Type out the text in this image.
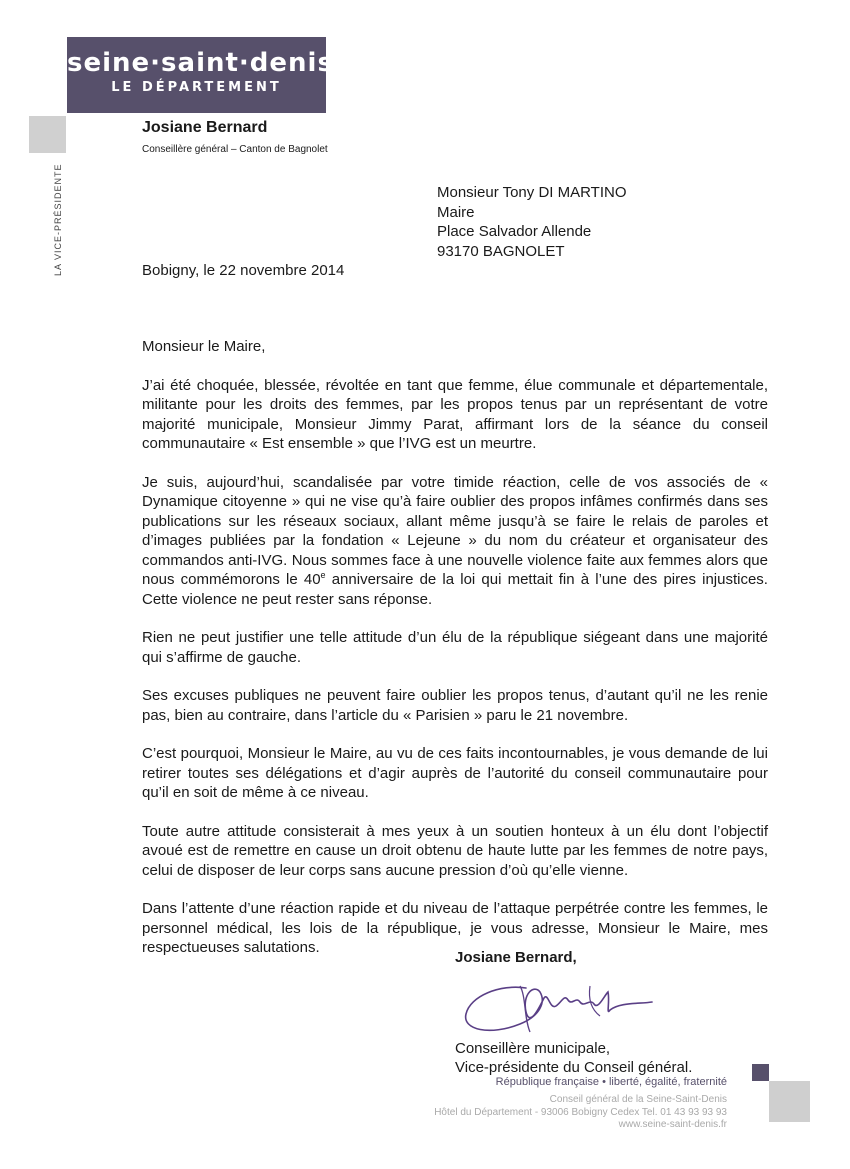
seine·saint·denis
LE DÉPARTEMENT
Josiane Bernard
Conseillère général – Canton de Bagnolet
LA VICE-PRÉSIDENTE	Monsieur Tony DI MARTINO
Maire
Place Salvador Allende
93170 BAGNOLET
Bobigny, le 22 novembre 2014

Monsieur le Maire,

J’ai été choquée, blessée, révoltée en tant que femme, élue communale et départementale, militante pour les droits des femmes, par les propos tenus par un représentant de votre majorité municipale, Monsieur Jimmy Parat, affirmant lors de la séance du conseil communautaire « Est ensemble » que l’IVG est un meurtre.

Je suis, aujourd’hui, scandalisée par votre timide réaction, celle de vos associés de « Dynamique citoyenne » qui ne vise qu’à faire oublier des propos infâmes confirmés dans ses publications sur les réseaux sociaux, allant même jusqu’à se faire le relais de paroles et d’images publiées par la fondation « Lejeune » du nom du créateur et organisateur des commandos anti-IVG. Nous sommes face à une nouvelle violence faite aux femmes alors que nous commémorons le 40e anniversaire de la loi qui mettait fin à l’une des pires injustices. Cette violence ne peut rester sans réponse.

Rien ne peut justifier une telle attitude d’un élu de la république siégeant dans une majorité qui s’affirme de gauche.

Ses excuses publiques ne peuvent faire oublier les propos tenus, d’autant qu’il ne les renie pas, bien au contraire, dans l’article du « Parisien » paru le 21 novembre.

C’est pourquoi, Monsieur le Maire, au vu de ces faits incontournables, je vous demande de lui retirer toutes ses délégations et d’agir auprès de l’autorité du conseil communautaire pour qu’il en soit de même à ce niveau.

Toute autre attitude consisterait à mes yeux à un soutien honteux à un élu dont l’objectif avoué est de remettre en cause un droit obtenu de haute lutte par les femmes de notre pays, celui de disposer de leur corps sans aucune pression d’où qu’elle vienne.

Dans l’attente d’une réaction rapide et du niveau de l’attaque perpétrée contre les femmes, le personnel médical, les lois de la république, je vous adresse, Monsieur le Maire, mes respectueuses salutations.

Josiane Bernard,
Conseillère municipale,
Vice-présidente du Conseil général.
République française • liberté, égalité, fraternité
Conseil général de la Seine-Saint-Denis
Hôtel du Département - 93006 Bobigny Cedex Tel. 01 43 93 93 93
www.seine-saint-denis.fr
